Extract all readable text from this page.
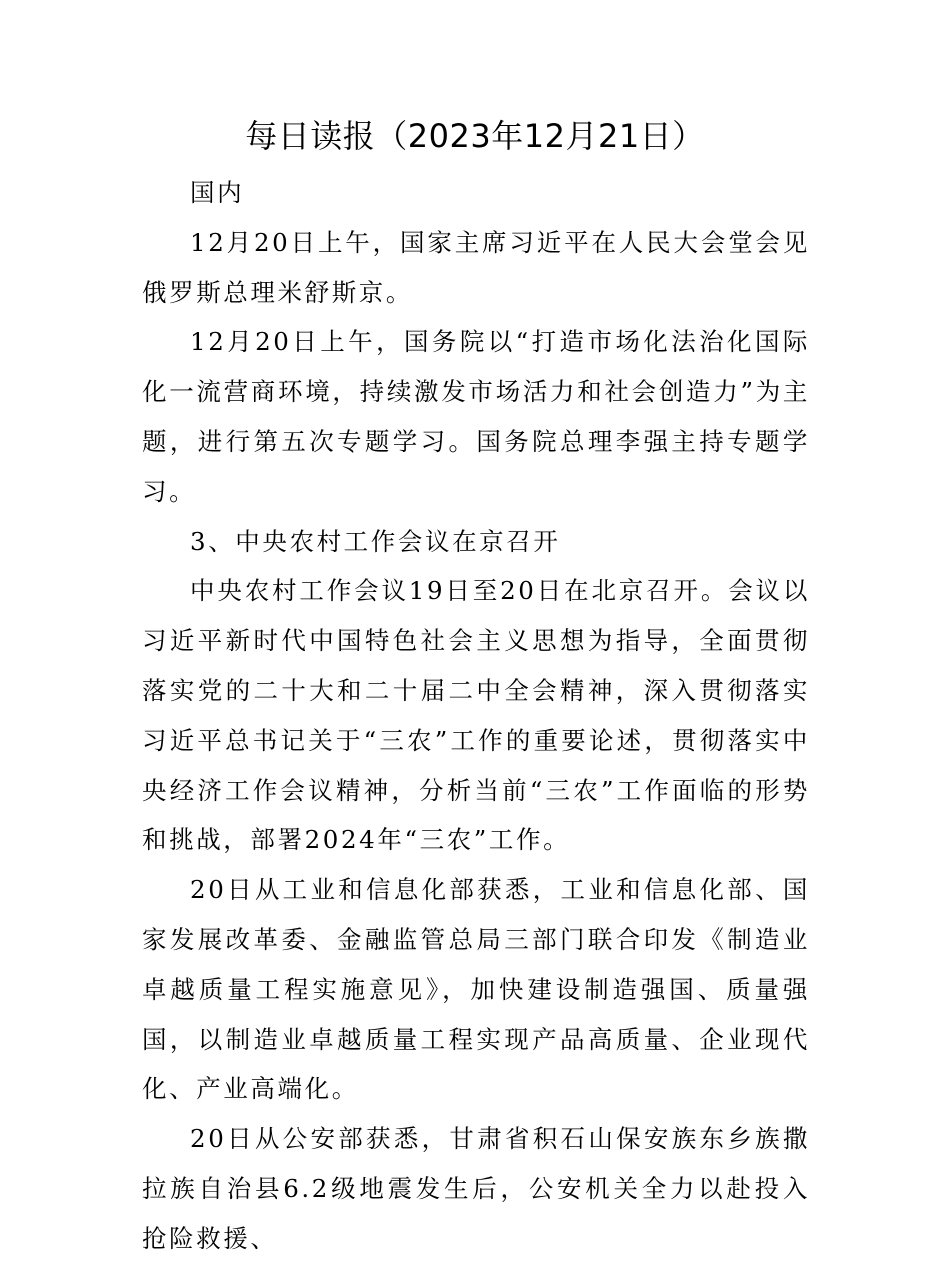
每日读报（2023年12月21日）

国内

12月20日上午，国家主席习近平在人民大会堂会见俄罗斯总理米舒斯京。

12月20日上午，国务院以“打造市场化法治化国际化一流营商环境，持续激发市场活力和社会创造力”为主题，进行第五次专题学习。国务院总理李强主持专题学习。

3、中央农村工作会议在京召开

中央农村工作会议19日至20日在北京召开。会议以习近平新时代中国特色社会主义思想为指导，全面贯彻落实党的二十大和二十届二中全会精神，深入贯彻落实习近平总书记关于“三农”工作的重要论述，贯彻落实中央经济工作会议精神，分析当前“三农”工作面临的形势和挑战，部署2024年“三农”工作。

20日从工业和信息化部获悉，工业和信息化部、国家发展改革委、金融监管总局三部门联合印发《制造业卓越质量工程实施意见》，加快建设制造强国、质量强国，以制造业卓越质量工程实现产品高质量、企业现代化、产业高端化。

20日从公安部获悉，甘肃省积石山保安族东乡族撒拉族自治县6.2级地震发生后，公安机关全力以赴投入抢险救援、
